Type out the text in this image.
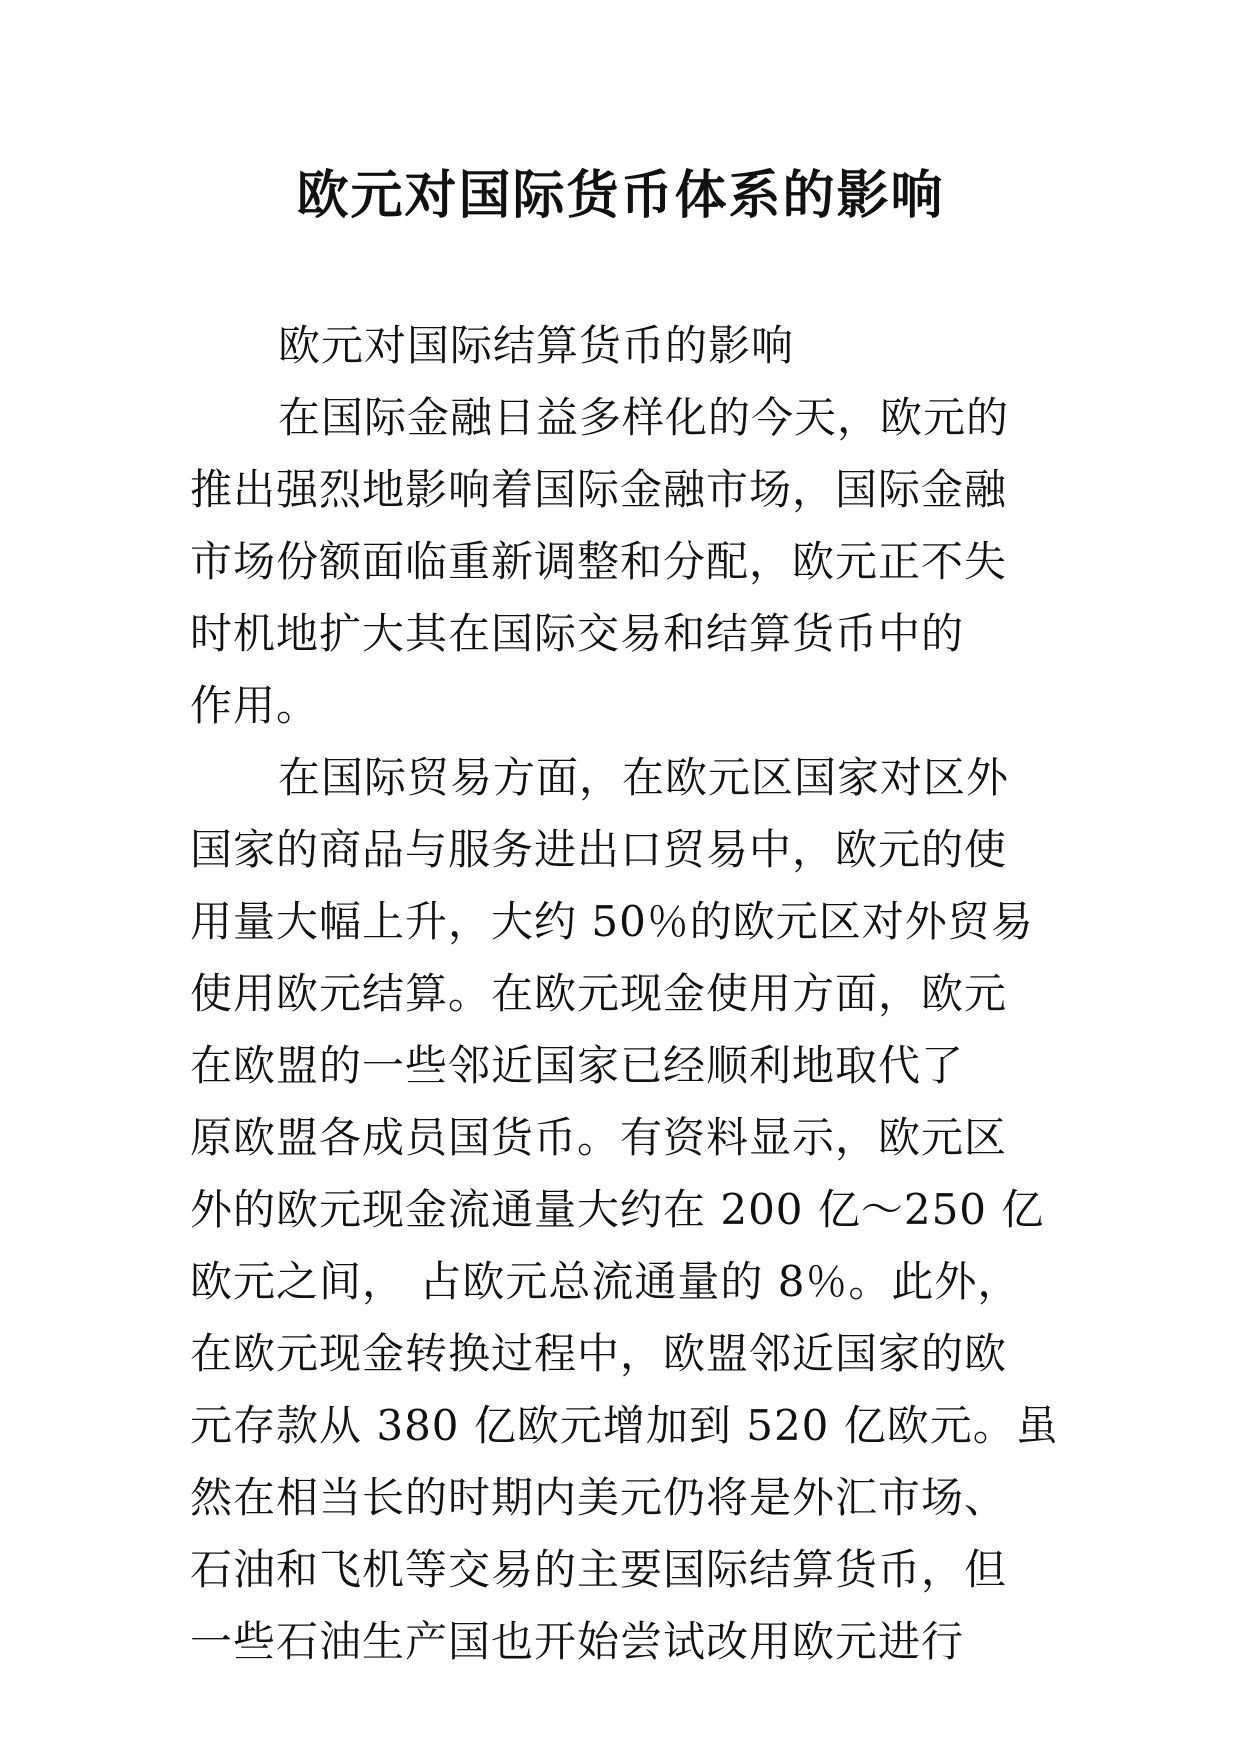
欧元对国际货币体系的影响
欧元对国际结算货币的影响
在国际金融日益多样化的今天，欧元的
推出强烈地影响着国际金融市场，国际金融
市场份额面临重新调整和分配，欧元正不失
时机地扩大其在国际交易和结算货币中的
作用。
在国际贸易方面，在欧元区国家对区外
国家的商品与服务进出口贸易中，欧元的使
用量大幅上升，大约 50％的欧元区对外贸易
使用欧元结算。在欧元现金使用方面，欧元
在欧盟的一些邻近国家已经顺利地取代了
原欧盟各成员国货币。有资料显示，欧元区
外的欧元现金流通量大约在 200 亿～250 亿
欧元之间， 占欧元总流通量的 8％。此外，
在欧元现金转换过程中，欧盟邻近国家的欧
元存款从 380 亿欧元增加到 520 亿欧元。虽
然在相当长的时期内美元仍将是外汇市场、
石油和飞机等交易的主要国际结算货币，但
一些石油生产国也开始尝试改用欧元进行
